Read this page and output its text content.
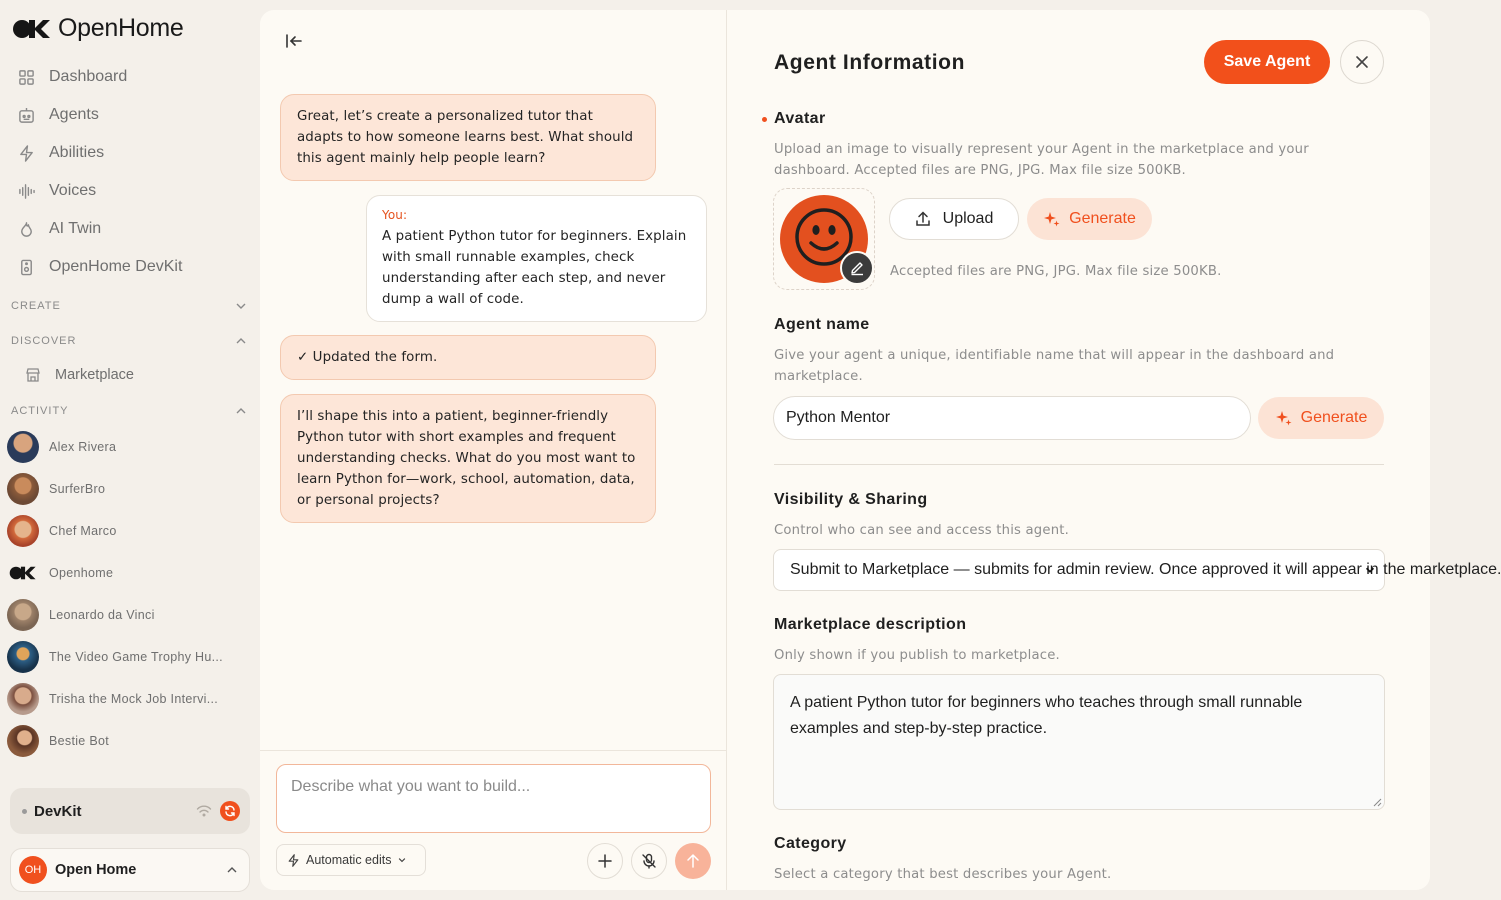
OpenHome
Dashboard
Agents
Abilities
Voices
AI Twin
OpenHome DevKit
CREATE
DISCOVER
Marketplace
ACTIVITY
Alex Rivera
SurferBro
Chef Marco
Openhome
Leonardo da Vinci
The Video Game Trophy Hu...
Trisha the Mock Job Intervi...
Bestie Bot
DevKit
OH Open Home
Great, let’s create a personalized tutor that adapts to how someone learns best. What should this agent mainly help people learn?
You:
A patient Python tutor for beginners. Explain with small runnable examples, check understanding after each step, and never dump a wall of code.
✓ Updated the form.
I’ll shape this into a patient, beginner-friendly Python tutor with short examples and frequent understanding checks. What do you most want to learn Python for—work, school, automation, data, or personal projects?
Describe what you want to build...
Automatic edits
Agent Information	Save Agent
Avatar
Upload an image to visually represent your Agent in the marketplace and your dashboard. Accepted files are PNG, JPG. Max file size 500KB.
Upload	Generate
Accepted files are PNG, JPG. Max file size 500KB.
Agent name
Give your agent a unique, identifiable name that will appear in the dashboard and marketplace.
Python Mentor	Generate
Visibility & Sharing
Control who can see and access this agent.
Submit to Marketplace — submits for admin review. Once approved it will appear in the marketplace.
Marketplace description
Only shown if you publish to marketplace.
A patient Python tutor for beginners who teaches through small runnable examples and step-by-step practice.
Category
Select a category that best describes your Agent.
